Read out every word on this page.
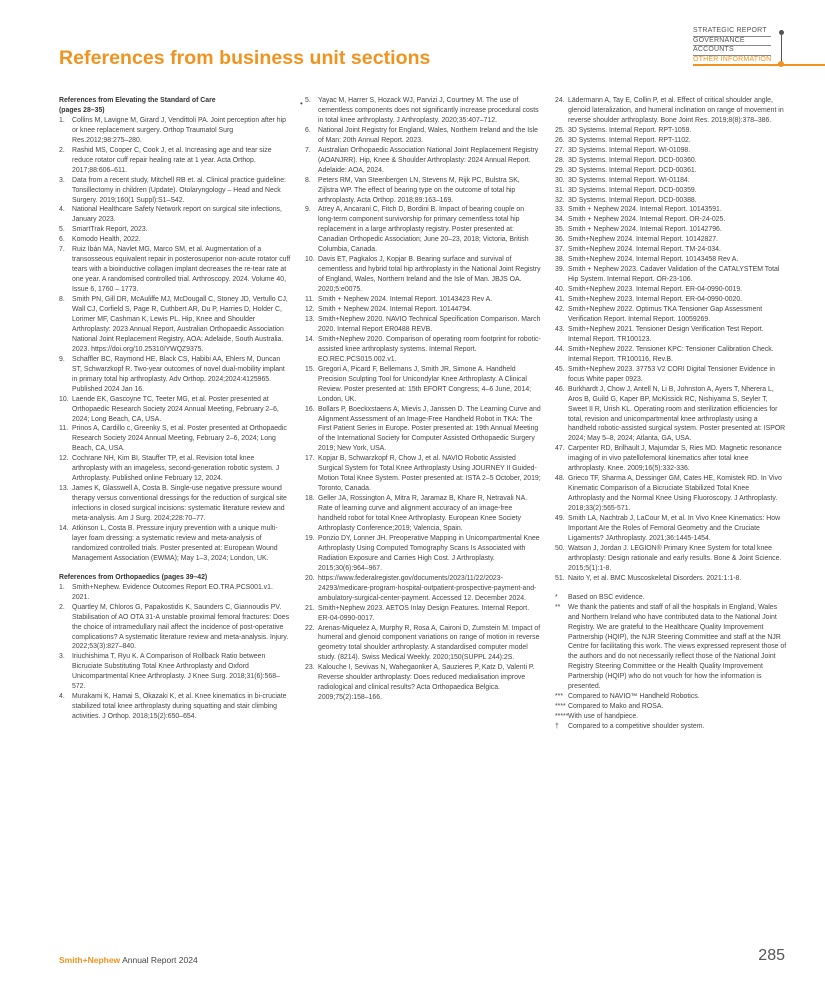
STRATEGIC REPORT
GOVERNANCE
ACCOUNTS
OTHER INFORMATION
References from business unit sections
References from Elevating the Standard of Care
(pages 28–35)
1. Collins M, Lavigne M, Girard J, Vendittoli PA. Joint perception after hip or knee replacement surgery. Orthop Traumatol Surg Res.2012;98:275–280.
2. Rashid MS, Cooper C, Cook J, et al. Increasing age and tear size reduce rotator cuff repair healing rate at 1 year. Acta Orthop. 2017;88:606–611.
3. Data from a recent study, Mitchell RB et. al. Clinical practice guideline: Tonsillectomy in children (Update). Otolaryngology – Head and Neck Surgery. 2019;160(1 Suppl):S1–S42.
4. National Healthcare Safety Network report on surgical site infections, January 2023.
5. SmartTrak Report, 2023.
6. Komodo Health, 2022.
7. Ruiz Ibán MA, Navlet MG, Marco SM, et al. Augmentation of a transosseous equivalent repair in posterosuperior non-acute rotator cuff tears with a bioinductive collagen implant decreases the re-tear rate at one year. A randomised controlled trial. Arthroscopy. 2024. Volume 40, Issue 6, 1760 – 1773.
8. Smith PN, Gill DR, McAuliffe MJ, McDougall C, Stoney JD, Vertullo CJ, Wall CJ, Corfield S, Page R, Cuthbert AR, Du P, Harries D, Holder C, Lorimer MF, Cashman K, Lewis PL. Hip, Knee and Shoulder Arthroplasty: 2023 Annual Report, Australian Orthopaedic Association National Joint Replacement Registry, AOA: Adelaide, South Australia. 2023. https://doi.org/10.25310/YWQZ9375.
9. Schaffler BC, Raymond HE, Black CS, Habibi AA, Ehlers M, Duncan ST, Schwarzkopf R. Two-year outcomes of novel dual-mobility implant in primary total hip arthroplasty. Adv Orthop. 2024;2024:4125965. Published 2024 Jan 16.
10. Laende EK, Gascoyne TC, Teeter MG, et al. Poster presented at Orthopaedic Research Society 2024 Annual Meeting, February 2–6, 2024; Long Beach, CA, USA.
11. Prinos A, Cardillo c, Greenky S, et al. Poster presented at Orthopaedic Research Society 2024 Annual Meeting, February 2–6, 2024; Long Beach, CA, USA.
12. Cochrane NH, Kim BI, Stauffer TP, et al. Revision total knee arthroplasty with an imageless, second-generation robotic system. J Arthroplasty. Published online February 12, 2024.
13. James K, Glasswell A, Costa B. Single-use negative pressure wound therapy versus conventional dressings for the reduction of surgical site infections in closed surgical incisions: systematic literature review and meta-analysis. Am J Surg. 2024;228:70–77.
14. Atkinson L, Costa B. Pressure injury prevention with a unique multi-layer foam dressing: a systematic review and meta-analysis of randomized controlled trials. Poster presented at: European Wound Management Association (EWMA); May 1–3, 2024; London, UK.
References from Orthopaedics (pages 39–42)
1. Smith+Nephew. Evidence Outcomes Report EO.TRA.PCS001.v1. 2021.
2. Quartley M, Chloros G, Papakostidis K, Saunders C, Giannoudis PV. Stabilisation of AO OTA 31-A unstable proximal femoral fractures: Does the choice of intramedullary nail affect the incidence of post-operative complications? A systematic literature review and meta-analysis. Injury. 2022;53(3):827–840.
3. Iriuchishima T, Ryu K. A Comparison of Rollback Ratio between Bicruciate Substituting Total Knee Arthroplasty and Oxford Unicompartmental Knee Arthroplasty. J Knee Surg. 2018;31(6):568–572.
4. Murakami K, Hamai S, Okazaki K, et al. Knee kinematics in bi-cruciate stabilized total knee arthroplasty during squatting and stair climbing activities. J Orthop. 2018;15(2):650–654.
• 5. Yayac M, Harrer S, Hozack WJ, Parvizi J, Courtney M. The use of cementless components does not significantly increase procedural costs in total knee arthroplasty. J Arthroplasty. 2020;35:407–712.
6. National Joint Registry for England, Wales, Northern Ireland and the Isle of Man: 20th Annual Report. 2023.
7. Australian Orthopaedic Association National Joint Replacement Registry (AOANJRR). Hip, Knee & Shoulder Arthroplasty: 2024 Annual Report. Adelaide: AOA, 2024.
8. Peters RM, Van Steenbergen LN, Stevens M, Rijk PC, Bulstra SK, Zijlstra WP. The effect of bearing type on the outcome of total hip arthroplasty. Acta Orthop. 2018;89:163–169.
9. Atrey A, Ancarani C, Fitch D, Bordini B. Impact of bearing couple on long-term component survivorship for primary cementless total hip replacement in a large arthroplasty registry. Poster presented at: Canadian Orthopedic Association; June 20–23, 2018; Victoria, British Columbia, Canada.
10. Davis ET, Pagkalos J, Kopjar B. Bearing surface and survival of cementless and hybrid total hip arthroplasty in the National Joint Registry of England, Wales, Northern Ireland and the Isle of Man. JBJS OA. 2020;5:e0075.
11. Smith + Nephew 2024. Internal Report. 10143423 Rev A.
12. Smith + Nephew 2024. Internal Report. 10144794.
13. Smith+Nephew 2020. NAVIO Technical Specification Comparison. March 2020. Internal Report ER0488 REVB.
14. Smith+Nephew 2020. Comparison of operating room footprint for robotic-assisted knee arthroplasty systems. Internal Report. EO.REC.PCS015.002.v1.
15. Gregori A, Picard F, Bellemans J, Smith JR, Simone A. Handheld Precision Sculpting Tool for Unicondylar Knee Arthroplasty. A Clinical Review. Poster presented at: 15th EFORT Congress; 4–6 June, 2014; London, UK.
16. Bollars P, Boeckxstaens A, Mievis J, Janssen D. The Learning Curve and Alignment Assessment of an Image-Free Handheld Robot in TKA: The First Patient Series in Europe. Poster presented at: 19th Annual Meeting of the International Society for Computer Assisted Orthopaedic Surgery 2019; New York, USA.
17. Kopjar B, Schwarzkopf R, Chow J, et al. NAVIO Robotic Assisted Surgical System for Total Knee Arthroplasty Using JOURNEY II Guided-Motion Total Knee System. Poster presented at: ISTA 2–5 October, 2019; Toronto, Canada.
18. Geller JA, Rossington A, Mitra R, Jaramaz B, Khare R, Netravali NA. Rate of learning curve and alignment accuracy of an image-free handheld robot for total Knee Arthroplasty. European Knee Society Arthroplasty Conference;2019; Valencia, Spain.
19. Ponzio DY, Lonner JH. Preoperative Mapping in Unicompartmental Knee Arthroplasty Using Computed Tomography Scans Is Associated with Radiation Exposure and Carries High Cost. J Arthroplasty. 2015;30(6):964–967.
20. https://www.federalregister.gov/documents/2023/11/22/2023-24293/medicare-program-hospital-outpatient-prospective-payment-and-ambulatory-surgical-center-payment. Accessed 12. December 2024.
21. Smith+Nephew 2023. AETOS Inlay Design Features. Internal Report. ER-04-0990-0017.
22. Arenas-Miquelez A, Murphy R, Rosa A, Caironi D, Zumstein M. Impact of humeral and glenoid component variations on range of motion in reverse geometry total shoulder arthroplasty. A standardised computer model study. (8214). Swiss Medical Weekly. 2020;150(SUPPL 244):2S.
23. Kalouche I, Sevivas N, Wahegaonker A, Sauzieres P, Katz D, Valenti P. Reverse shoulder arthroplasty: Does reduced medialisation improve radiological and clinical results? Acta Orthopaedica Belgica. 2009;75(2):158–166.
24. Lädermann A, Tay E, Collin P, et al. Effect of critical shoulder angle, glenoid lateralization, and humeral inclination on range of movement in reverse shoulder arthroplasty. Bone Joint Res. 2019;8(8):378–386.
25. 3D Systems. Internal Report. RPT-1059.
26. 3D Systems. Internal Report. RPT-1102.
27. 3D Systems. Internal Report. WI-01098.
28. 3D Systems. Internal Report. DCD-00360.
29. 3D Systems. Internal Report. DCD-00361.
30. 3D Systems. Internal Report. WI-01184.
31. 3D Systems. Internal Report. DCD-00359.
32. 3D Systems. Internal Report. DCD-00388.
33. Smith + Nephew 2024. Internal Report. 10143591.
34. Smith + Nephew 2024. Internal Report. OR-24-025.
35. Smith + Nephew 2024. Internal Report. 10142796.
36. Smith+Nephew 2024. Internal Report. 10142827.
37. Smith+Nephew 2024. Internal Report. TM-24-034.
38. Smith+Nephew 2024. Internal Report. 10143458 Rev A.
39. Smith + Nephew 2023. Cadaver Validation of the CATALYSTEM Total Hip System. Internal Report. OR-23-106.
40. Smith+Nephew 2023. Internal Report. ER-04-0990-0019.
41. Smith+Nephew 2023. Internal Report. ER-04-0990-0020.
42. Smith+Nephew 2022. Optimus TKA Tensioner Gap Assessment Verification Report. Internal Report. 10059269.
43. Smith+Nephew 2021. Tensioner Design Verification Test Report. Internal Report. TR100123.
44. Smith+Nephew 2022. Tensioner KPC: Tensioner Calibration Check. Internal Report. TR100116, Rev.B.
45. Smith+Nephew 2023. 37753 V2 CORI Digital Tensioner Evidence in focus White paper 0923.
46. Burkhardt J, Chow J, Antell N, Li B, Johnston A, Ayers T, Nherera L, Aros B, Guild G, Kaper BP, McKissick RC, Nishiyama S, Seyler T, Sweet II R, Urish KL. Operating room and sterilization efficiencies for total, revision and unicompartmental knee arthroplasty using a handheld robotic-assisted surgical system. Poster presented at: ISPOR 2024; May 5–8, 2024; Atlanta, GA, USA.
47. Carpenter RD, Brilhault J, Majumdar S, Ries MD. Magnetic resonance imaging of in vivo patellofemoral kinematics after total knee arthroplasty. Knee. 2009;16(5):332-336.
48. Grieco TF, Sharma A, Dessinger GM, Cates HE, Komistek RD. In Vivo Kinematic Comparison of a Bicruciate Stabilized Total Knee Arthroplasty and the Normal Knee Using Fluoroscopy. J Arthroplasty. 2018;33(2):565-571.
49. Smith LA, Nachtrab J, LaCour M, et al. In Vivo Knee Kinematics: How Important Are the Roles of Femoral Geometry and the Cruciate Ligaments? JArthroplasty. 2021;36:1445-1454.
50. Watson J, Jordan J. LEGION® Primary Knee System for total knee arthroplasty: Design rationale and early results. Bone & Joint Science. 2015;5(1):1-8.
51. Naito Y, et al. BMC Muscoskeletal Disorders. 2021:1:1-8.
* Based on BSC evidence.
** We thank the patients and staff of all the hospitals in England, Wales and Northern Ireland who have contributed data to the National Joint Registry. We are grateful to the Healthcare Quality Improvement Partnership (HQIP), the NJR Steering Committee and staff at the NJR Centre for facilitating this work. The views expressed represent those of the authors and do not necessarily reflect those of the National Joint Registry Steering Committee or the Health Quality Improvement Partnership (HQIP) who do not vouch for how the information is presented.
*** Compared to NAVIO™ Handheld Robotics.
**** Compared to Mako and ROSA.
***** With use of handpiece.
† Compared to a competitive shoulder system.
Smith+Nephew Annual Report 2024	285
